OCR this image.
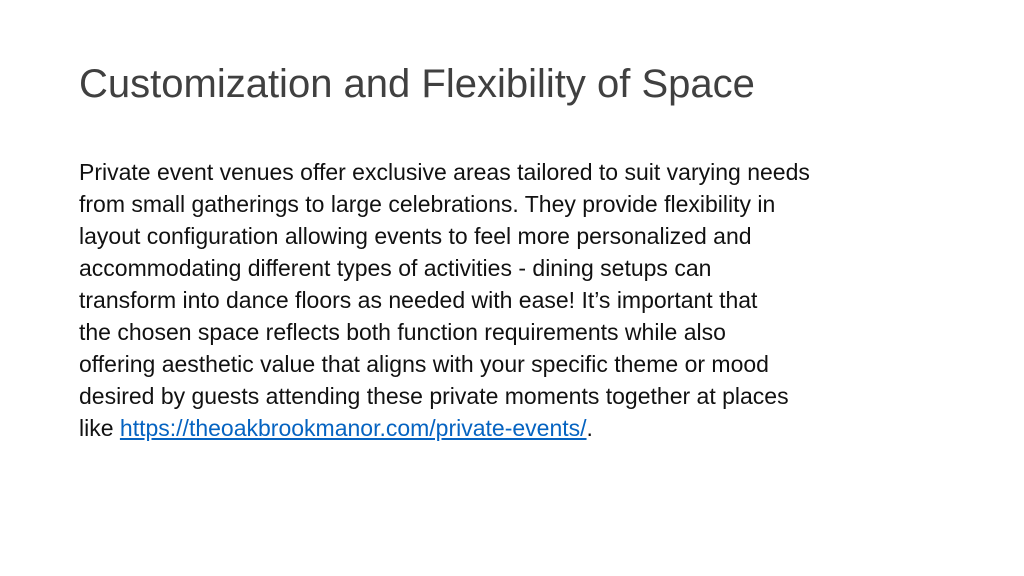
Customization and Flexibility of Space
Private event venues offer exclusive areas tailored to suit varying needs
from small gatherings to large celebrations. They provide flexibility in
layout configuration allowing events to feel more personalized and
accommodating different types of activities - dining setups can
transform into dance floors as needed with ease! It’s important that
the chosen space reflects both function requirements while also
offering aesthetic value that aligns with your specific theme or mood
desired by guests attending these private moments together at places
like https://theoakbrookmanor.com/private-events/.
